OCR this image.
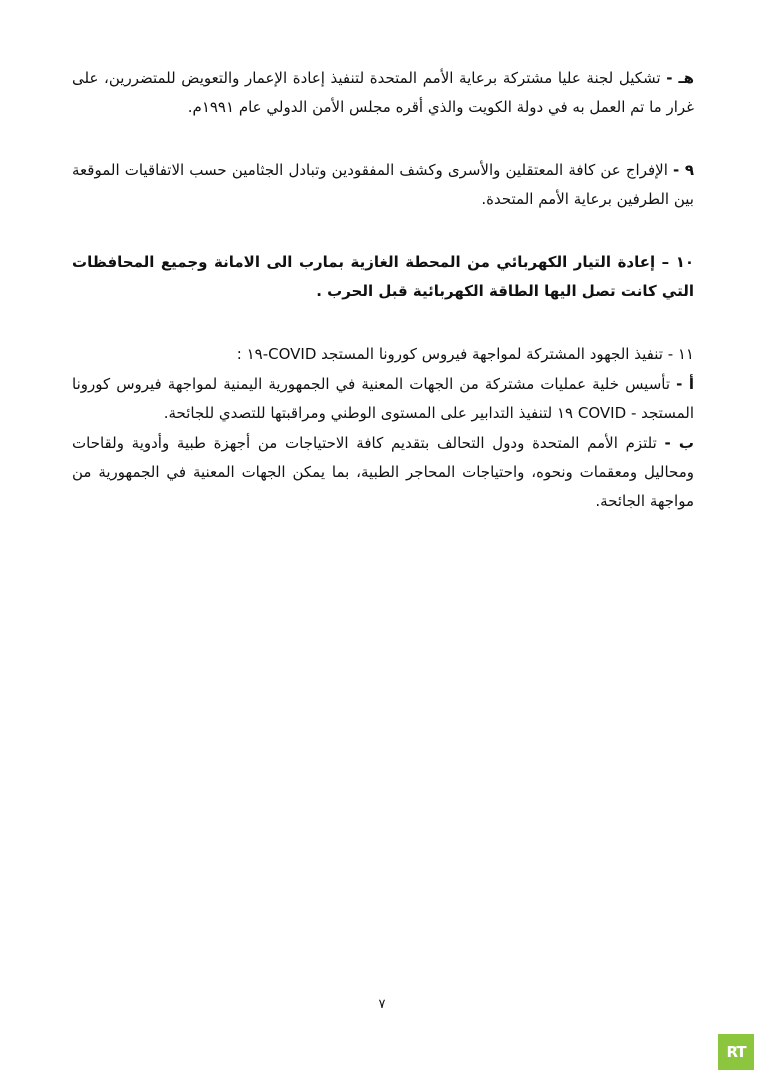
هـ - تشكيل لجنة عليا مشتركة برعاية الأمم المتحدة لتنفيذ إعادة الإعمار والتعويض للمتضررين، على غرار ما تم العمل به في دولة الكويت والذي أقره مجلس الأمن الدولي عام ١٩٩١م.

٩ - الإفراج عن كافة المعتقلين والأسرى وكشف المفقودين وتبادل الجثامين حسب الاتفاقيات الموقعة بين الطرفين برعاية الأمم المتحدة.

١٠ – إعادة التيار الكهربائي من المحطة الغازية بمارب الى الامانة وجميع المحافظات التي كانت تصل اليها الطاقة الكهربائية قبل الحرب .

١١ - تنفيذ الجهود المشتركة لمواجهة فيروس كورونا المستجد COVID-١٩ :

أ - تأسيس خلية عمليات مشتركة من الجهات المعنية في الجمهورية اليمنية لمواجهة فيروس كورونا المستجد - COVID ١٩ لتنفيذ التدابير على المستوى الوطني ومراقبتها للتصدي للجائحة.

ب - تلتزم الأمم المتحدة ودول التحالف بتقديم كافة الاحتياجات من أجهزة طبية وأدوية ولقاحات ومحاليل ومعقمات ونحوه، واحتياجات المحاجر الطبية، بما يمكن الجهات المعنية في الجمهورية من مواجهة الجائحة.

٧
RT
